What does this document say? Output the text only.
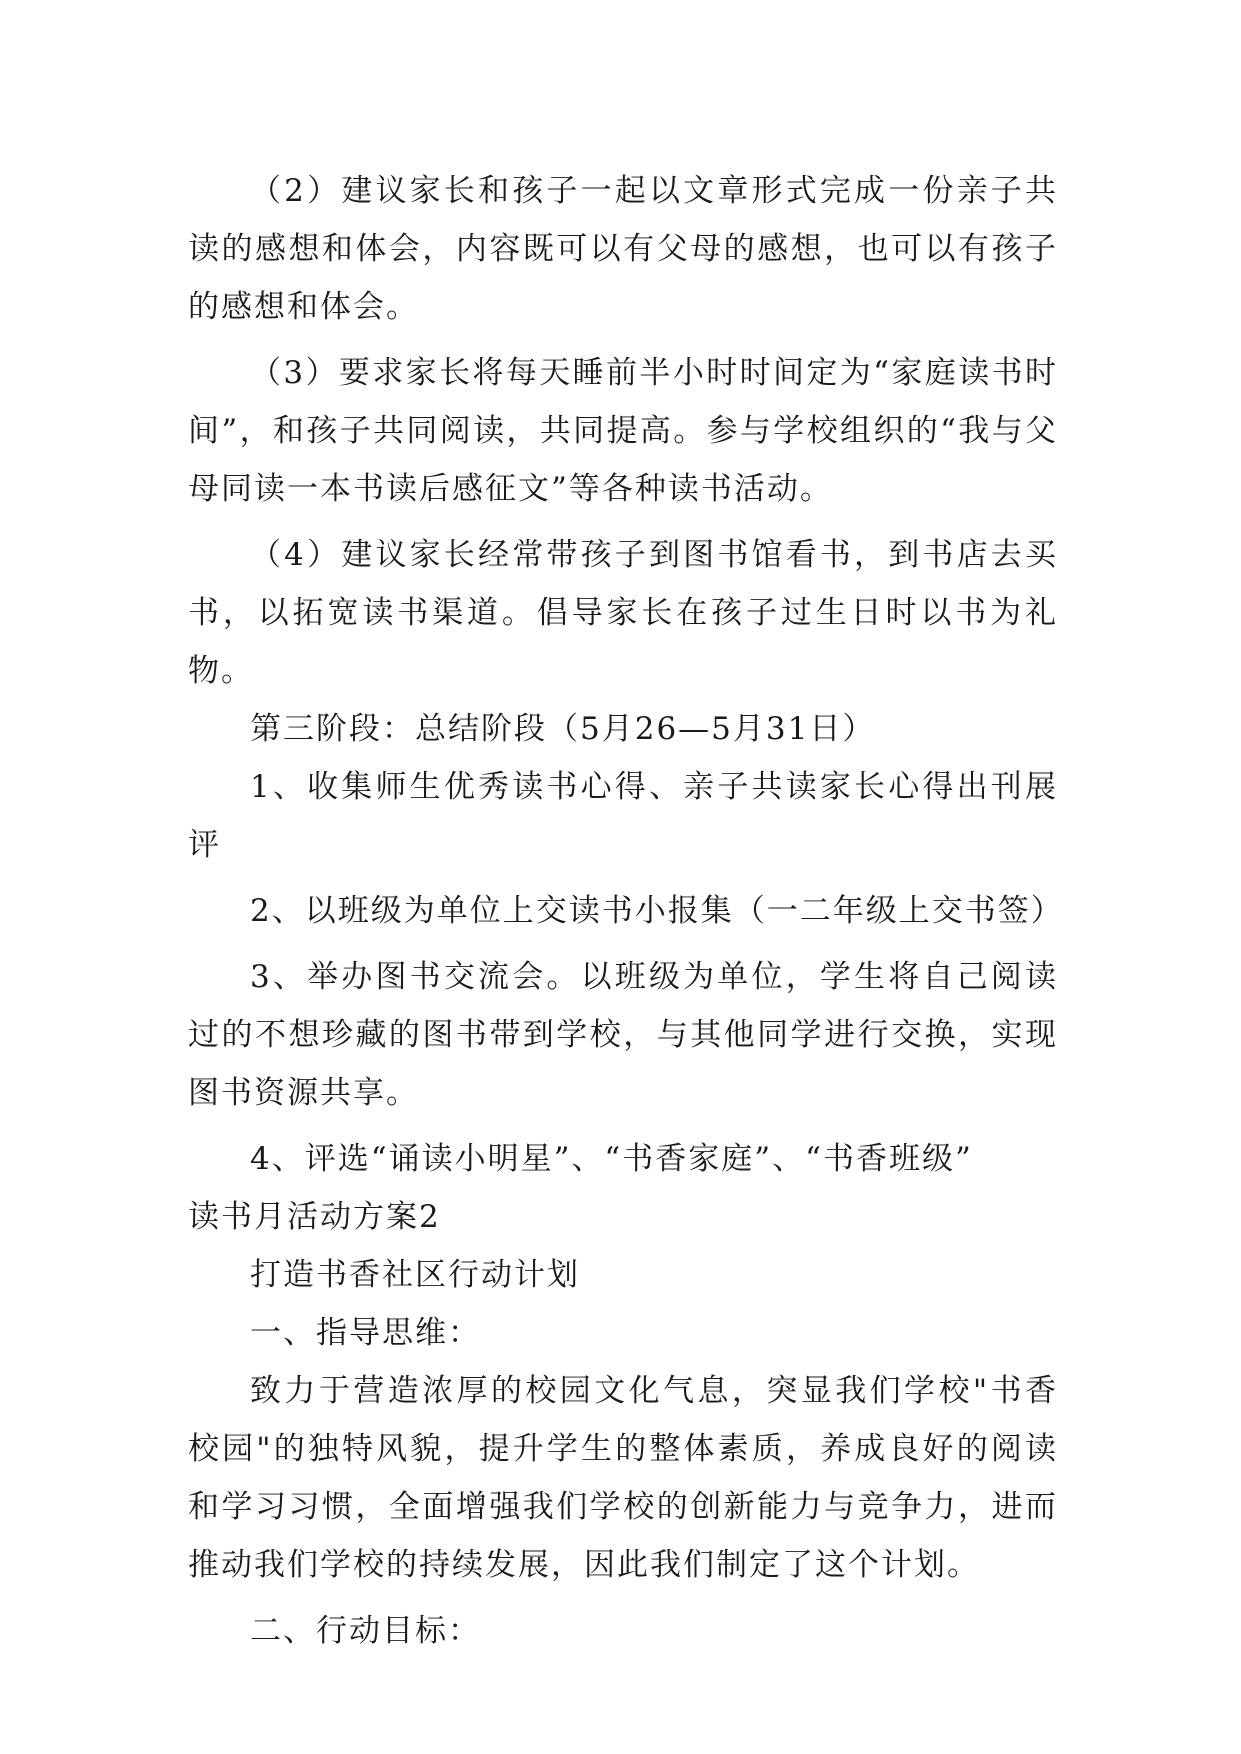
（2）建议家长和孩子一起以文章形式完成一份亲子共读的感想和体会，内容既可以有父母的感想，也可以有孩子的感想和体会。

（3）要求家长将每天睡前半小时时间定为“家庭读书时间”，和孩子共同阅读，共同提高。参与学校组织的“我与父母同读一本书读后感征文”等各种读书活动。

（4）建议家长经常带孩子到图书馆看书，到书店去买书，以拓宽读书渠道。倡导家长在孩子过生日时以书为礼物。

第三阶段：总结阶段（5月26—5月31日）

1、收集师生优秀读书心得、亲子共读家长心得出刊展评

2、以班级为单位上交读书小报集（一二年级上交书签）

3、举办图书交流会。以班级为单位，学生将自己阅读过的不想珍藏的图书带到学校，与其他同学进行交换，实现图书资源共享。

4、评选“诵读小明星”、“书香家庭”、“书香班级”

读书月活动方案2

打造书香社区行动计划

一、指导思维：

致力于营造浓厚的校园文化气息，突显我们学校"书香校园"的独特风貌，提升学生的整体素质，养成良好的阅读和学习习惯，全面增强我们学校的创新能力与竞争力，进而推动我们学校的持续发展，因此我们制定了这个计划。

二、行动目标：
